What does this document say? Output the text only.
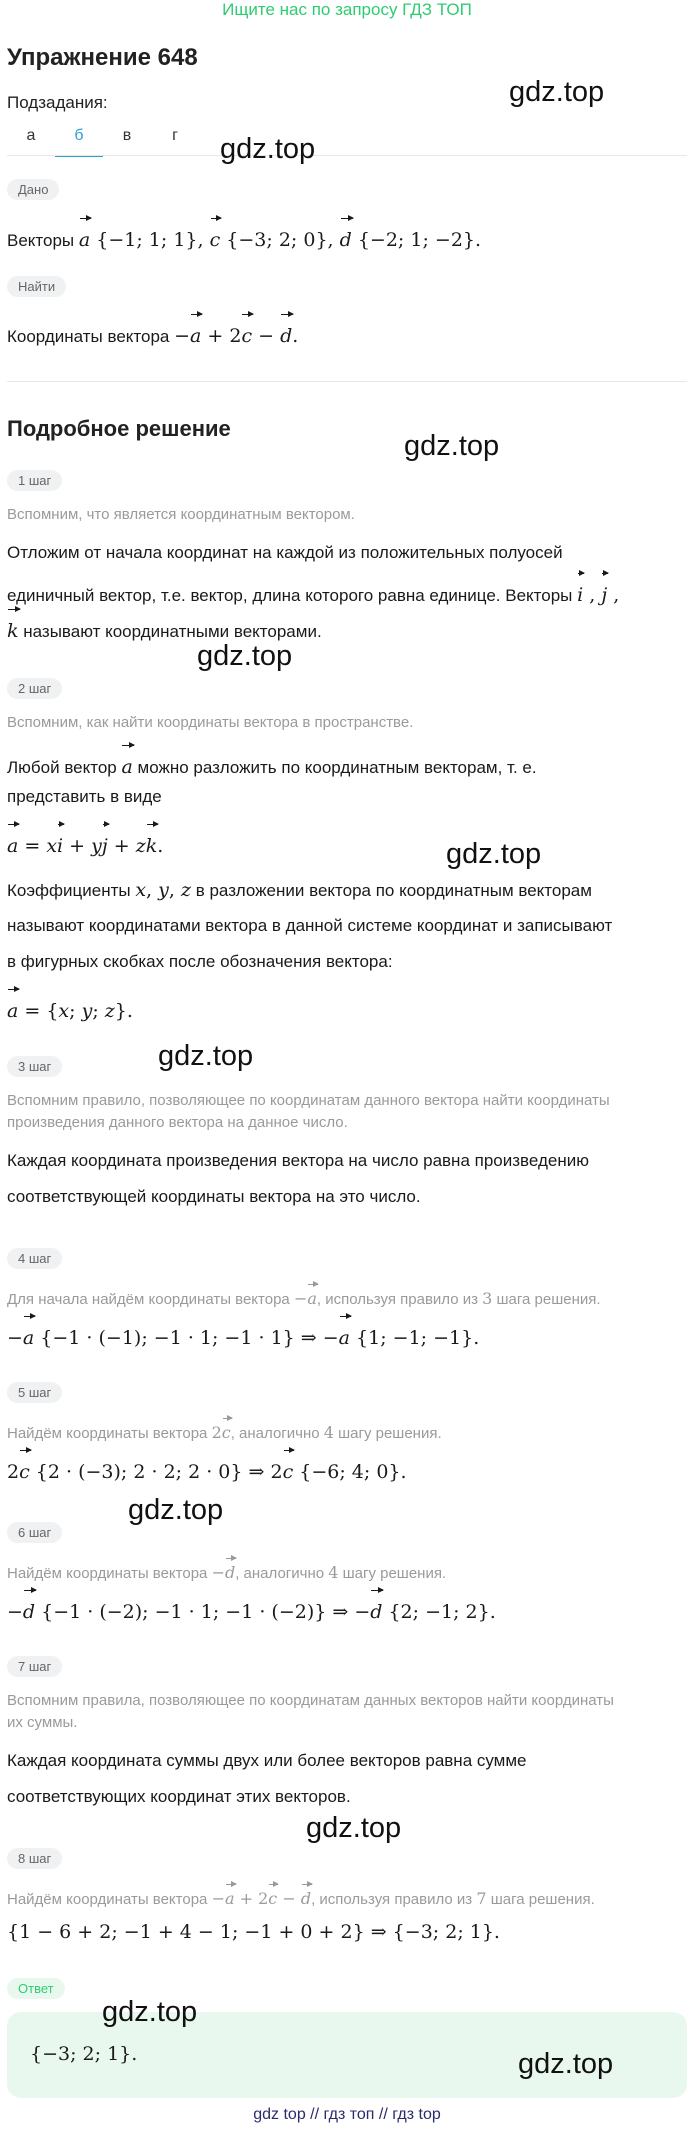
Ищите нас по запросу ГДЗ ТОП
Упражнение 648
Подзадания:
а	б	в	г
Дано
Векторы a {−1; 1; 1}, c {−3; 2; 0}, d {−2; 1; −2}.
Найти
Координаты вектора −a + 2c − d.
Подробное решение
1 шаг
Вспомним, что является координатным вектором.
Отложим от начала координат на каждой из положительных полуосей
единичный вектор, т.е. вектор, длина которого равна единице. Векторы i , j ,
k называют координатными векторами.
2 шаг
Вспомним, как найти координаты вектора в пространстве.
Любой вектор a можно разложить по координатным векторам, т. е.
представить в виде
a = xi + yj + zk.
Коэффициенты x, y, z в разложении вектора по координатным векторам
называют координатами вектора в данной системе координат и записывают
в фигурных скобках после обозначения вектора:
a = {x; y; z}.
3 шаг
Вспомним правило, позволяющее по координатам данного вектора найти координаты
произведения данного вектора на данное число.
Каждая координата произведения вектора на число равна произведению
соответствующей координаты вектора на это число.
4 шаг
Для начала найдём координаты вектора −a, используя правило из 3 шага решения.
−a {−1 · (−1); −1 · 1; −1 · 1} ⇒ −a {1; −1; −1}.
5 шаг
Найдём координаты вектора 2c, аналогично 4 шагу решения.
2c {2 · (−3); 2 · 2; 2 · 0} ⇒ 2c {−6; 4; 0}.
6 шаг
Найдём координаты вектора −d, аналогично 4 шагу решения.
−d {−1 · (−2); −1 · 1; −1 · (−2)} ⇒ −d {2; −1; 2}.
7 шаг
Вспомним правила, позволяющее по координатам данных векторов найти координаты
их суммы.
Каждая координата суммы двух или более векторов равна сумме
соответствующих координат этих векторов.
8 шаг
Найдём координаты вектора −a + 2c − d, используя правило из 7 шага решения.
{1 − 6 + 2; −1 + 4 − 1; −1 + 0 + 2} ⇒ {−3; 2; 1}.
Ответ
{−3; 2; 1}.
gdz.top
gdz.top
gdz.top
gdz.top
gdz.top
gdz.top
gdz.top
gdz.top
gdz.top
gdz.top
gdz top // гдз топ // гдз top
